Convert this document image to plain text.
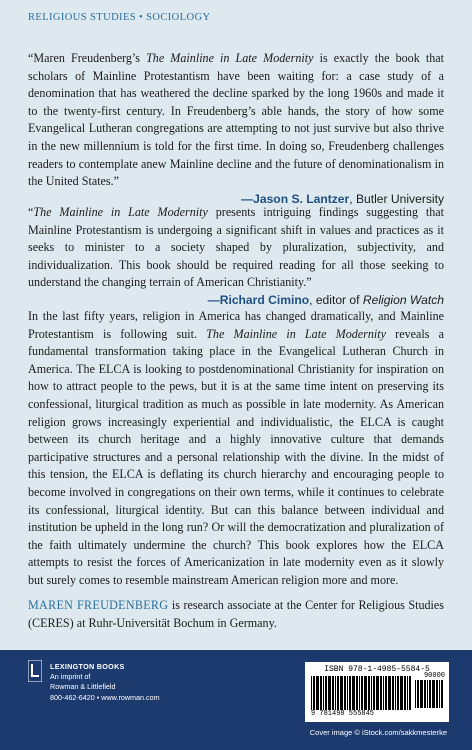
RELIGIOUS STUDIES • SOCIOLOGY
“Maren Freudenberg’s The Mainline in Late Modernity is exactly the book that scholars of Mainline Protestantism have been waiting for: a case study of a denomination that has weathered the decline sparked by the long 1960s and made it to the twenty-first century. In Freudenberg’s able hands, the story of how some Evangelical Lutheran congregations are attempting to not just survive but also thrive in the new millennium is told for the first time. In doing so, Freudenberg challenges readers to contemplate anew Mainline decline and the future of denominationalism in the United States.”
—Jason S. Lantzer, Butler University
“The Mainline in Late Modernity presents intriguing findings suggesting that Mainline Protestantism is undergoing a significant shift in values and practices as it seeks to minister to a society shaped by pluralization, subjectivity, and individualization. This book should be required reading for all those seeking to understand the changing terrain of American Christianity.”
—Richard Cimino, editor of Religion Watch
In the last fifty years, religion in America has changed dramatically, and Mainline Protestantism is following suit. The Mainline in Late Modernity reveals a fundamental transformation taking place in the Evangelical Lutheran Church in America. The ELCA is looking to postdenominational Christianity for inspiration on how to attract people to the pews, but it is at the same time intent on preserving its confessional, liturgical tradition as much as possible in late modernity. As American religion grows increasingly experiential and individualistic, the ELCA is caught between its church heritage and a highly innovative culture that demands participative structures and a personal relationship with the divine. In the midst of this tension, the ELCA is deflating its church hierarchy and encouraging people to become involved in congregations on their own terms, while it continues to celebrate its confessional, liturgical identity. But can this balance between individual and institution be upheld in the long run? Or will the democratization and pluralization of the faith ultimately undermine the church? This book explores how the ELCA attempts to resist the forces of Americanization in late modernity even as it slowly but surely comes to resemble mainstream American religion more and more.
MAREN FREUDENBERG is research associate at the Center for Religious Studies (CERES) at Ruhr-Universität Bochum in Germany.
LEXINGTON BOOKS
An imprint of
Rowman & Littlefield
800-462-6420 • www.rowman.com
ISBN 978-1-4985-5584-5
90000
9 781498 555845
Cover image © iStock.com/sakkmesterke
